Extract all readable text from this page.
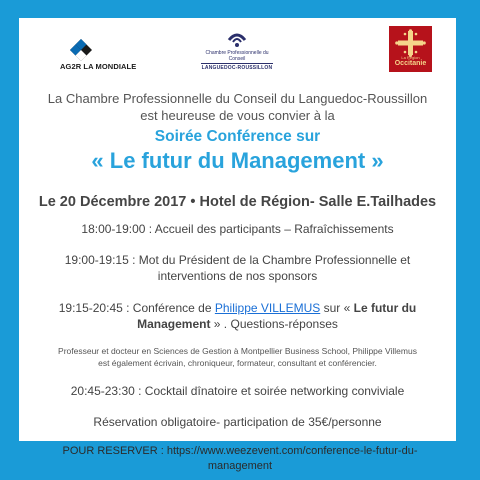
AG2R LA MONDIALE
Chambre Professionnelle du Conseil
LANGUEDOC-ROUSSILLON
La Région
Occitanie
La Chambre Professionnelle du Conseil du Languedoc-Roussillon
est heureuse de vous convier à la
Soirée Conférence sur
« Le futur du Management »
Le 20 Décembre 2017 • Hotel de Région- Salle E.Tailhades
18:00-19:00 : Accueil des participants – Rafraîchissements
19:00-19:15 : Mot du Président de la Chambre Professionnelle et
interventions de nos sponsors
19:15-20:45 : Conférence de Philippe VILLEMUS sur « Le futur du
Management » . Questions-réponses
Professeur et docteur en Sciences de Gestion à Montpellier Business School, Philippe Villemus
est également écrivain, chroniqueur, formateur, consultant et conférencier.
20:45-23:30 : Cocktail dînatoire et soirée networking conviviale
Réservation obligatoire- participation de 35€/personne
POUR RESERVER : https://www.weezevent.com/conference-le-futur-du-
management
